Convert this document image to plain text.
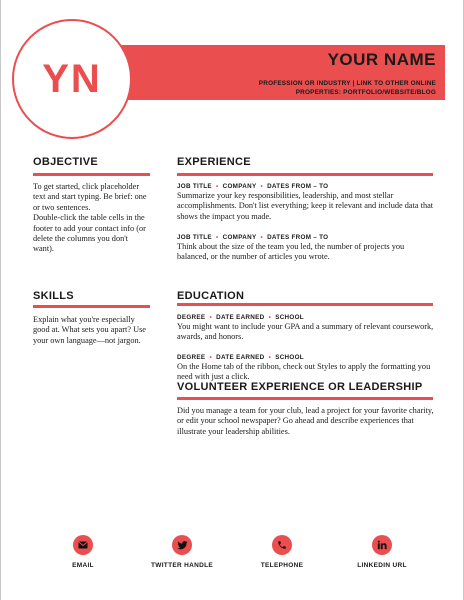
YN	YOUR NAME
PROFESSION OR INDUSTRY | LINK TO OTHER ONLINE
PROPERTIES: PORTFOLIO/WEBSITE/BLOG
OBJECTIVE
To get started, click placeholder text and start typing. Be brief: one or two sentences.
Double-click the table cells in the footer to add your contact info (or delete the columns you don't want).
SKILLS
Explain what you're especially good at. What sets you apart? Use your own language—not jargon.
EXPERIENCE
JOB TITLE  •  COMPANY  •  DATES FROM – TO
Summarize your key responsibilities, leadership, and most stellar accomplishments. Don't list everything; keep it relevant and include data that shows the impact you made.
JOB TITLE  •  COMPANY  •  DATES FROM – TO
Think about the size of the team you led, the number of projects you balanced, or the number of articles you wrote.
EDUCATION
DEGREE  •  DATE EARNED  •  SCHOOL
You might want to include your GPA and a summary of relevant coursework, awards, and honors.
DEGREE  •  DATE EARNED  •  SCHOOL
On the Home tab of the ribbon, check out Styles to apply the formatting you need with just a click.
VOLUNTEER EXPERIENCE OR LEADERSHIP
Did you manage a team for your club, lead a project for your favorite charity, or edit your school newspaper? Go ahead and describe experiences that illustrate your leadership abilities.
EMAIL	TWITTER HANDLE	TELEPHONE	LINKEDIN URL
